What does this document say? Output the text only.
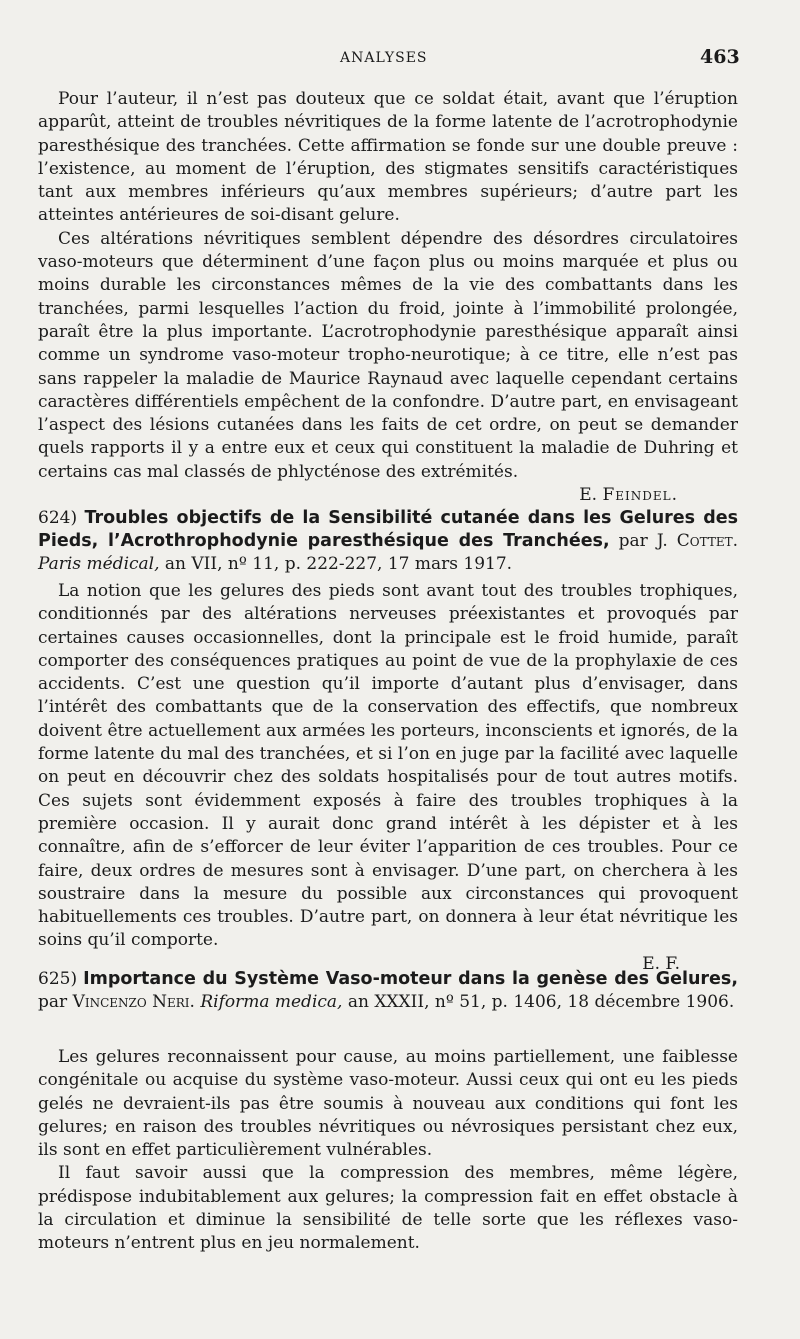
ANALYSES	463

Pour l’auteur, il n’est pas douteux que ce soldat était, avant que l’éruption apparût, atteint de troubles névritiques de la forme latente de l’acrotrophodynie paresthésique des tranchées. Cette affirmation se fonde sur une double preuve : l’existence, au moment de l’éruption, des stigmates sensitifs caractéristiques tant aux membres inférieurs qu’aux membres supérieurs; d’autre part les atteintes antérieures de soi-disant gelure.

Ces altérations névritiques semblent dépendre des désordres circulatoires vaso-moteurs que déterminent d’une façon plus ou moins marquée et plus ou moins durable les circonstances mêmes de la vie des combattants dans les tranchées, parmi lesquelles l’action du froid, jointe à l’immobilité prolongée, paraît être la plus importante. L’acrotrophodynie paresthésique apparaît ainsi comme un syndrome vaso-moteur tropho-neurotique; à ce titre, elle n’est pas sans rappeler la maladie de Maurice Raynaud avec laquelle cependant certains caractères différentiels empêchent de la confondre. D’autre part, en envisageant l’aspect des lésions cutanées dans les faits de cet ordre, on peut se demander quels rapports il y a entre eux et ceux qui constituent la maladie de Duhring et certains cas mal classés de phlycténose des extrémités.
E. Feindel.

624) Troubles objectifs de la Sensibilité cutanée dans les Gelures des Pieds, l’Acrothrophodynie paresthésique des Tranchées, par J. Cottet. Paris médical, an VII, nº 11, p. 222-227, 17 mars 1917.

La notion que les gelures des pieds sont avant tout des troubles trophiques, conditionnés par des altérations nerveuses préexistantes et provoqués par certaines causes occasionnelles, dont la principale est le froid humide, paraît comporter des conséquences pratiques au point de vue de la prophylaxie de ces accidents. C’est une question qu’il importe d’autant plus d’envisager, dans l’intérêt des combattants que de la conservation des effectifs, que nombreux doivent être actuellement aux armées les porteurs, inconscients et ignorés, de la forme latente du mal des tranchées, et si l’on en juge par la facilité avec laquelle on peut en découvrir chez des soldats hospitalisés pour de tout autres motifs. Ces sujets sont évidemment exposés à faire des troubles trophiques à la première occasion. Il y aurait donc grand intérêt à les dépister et à les connaître, afin de s’efforcer de leur éviter l’apparition de ces troubles. Pour ce faire, deux ordres de mesures sont à envisager. D’une part, on cherchera à les soustraire dans la mesure du possible aux circonstances qui provoquent habituellements ces troubles. D’autre part, on donnera à leur état névritique les soins qu’il comporte.

E. F.
625) Importance du Système Vaso-moteur dans la genèse des Gelures, par Vincenzo Neri. Riforma medica, an XXXII, nº 51, p. 1406, 18 décembre 1906.

Les gelures reconnaissent pour cause, au moins partiellement, une faiblesse congénitale ou acquise du système vaso-moteur. Aussi ceux qui ont eu les pieds gelés ne devraient-ils pas être soumis à nouveau aux conditions qui font les gelures; en raison des troubles névritiques ou névrosiques persistant chez eux, ils sont en effet particulièrement vulnérables.

Il faut savoir aussi que la compression des membres, même légère, prédispose indubitablement aux gelures; la compression fait en effet obstacle à la circulation et diminue la sensibilité de telle sorte que les réflexes vaso-moteurs n’entrent plus en jeu normalement.
